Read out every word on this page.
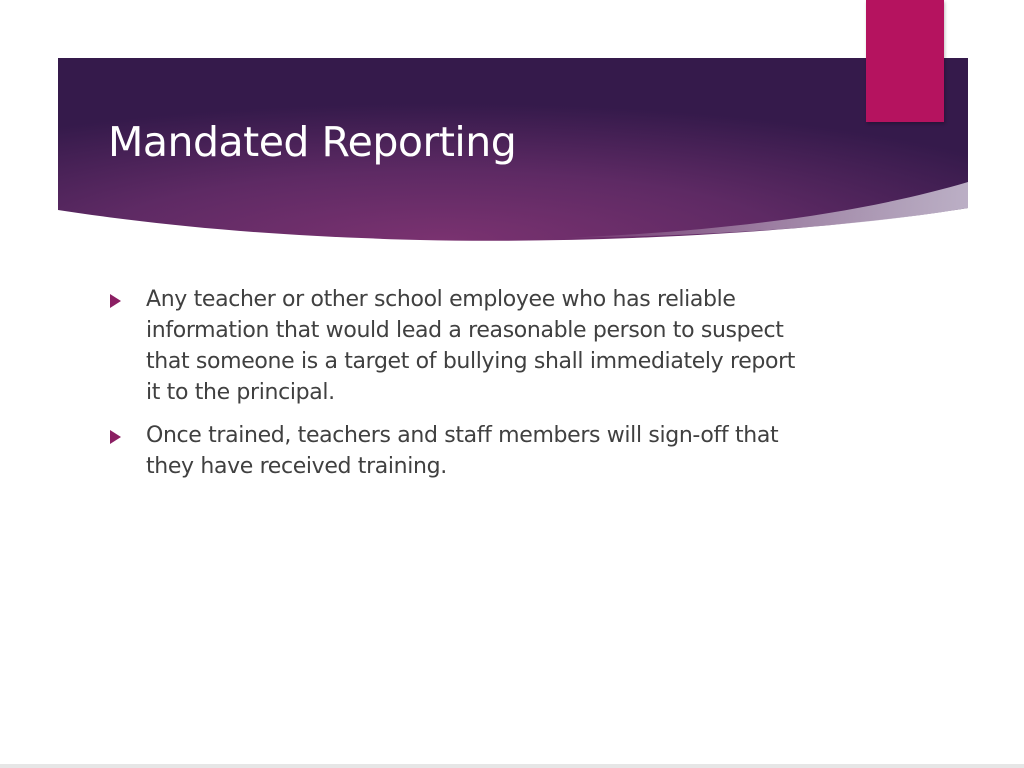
Mandated Reporting
Any teacher or other school employee who has reliable information that would lead a reasonable person to suspect that someone is a target of bullying shall immediately report it to the principal.
Once trained, teachers and staff members will sign-off that they have received training.
